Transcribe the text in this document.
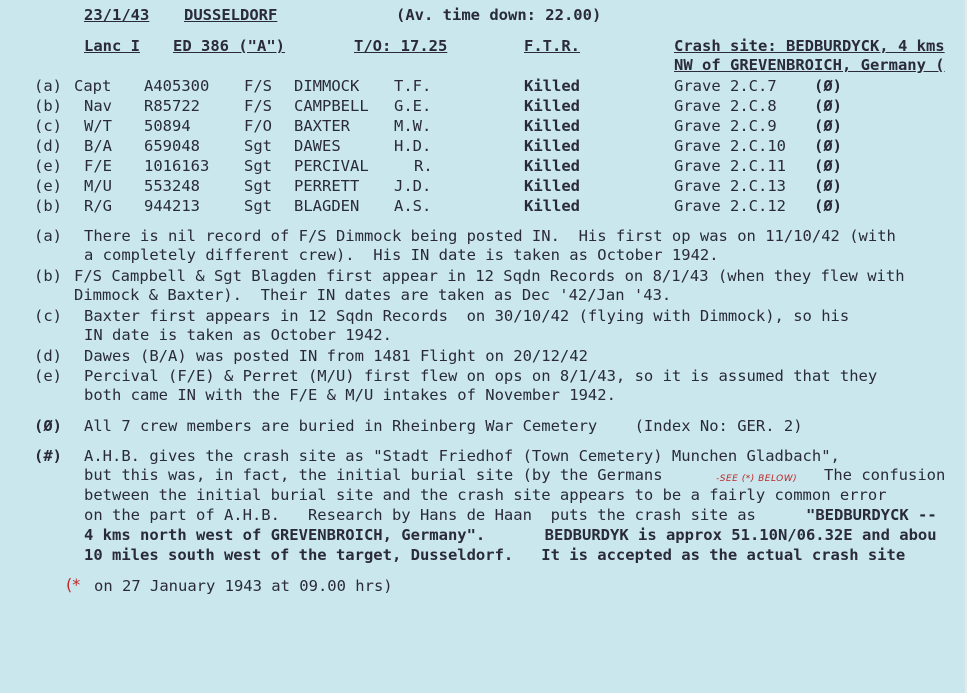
23/1/43 DUSSELDORF	(Av. time down: 22.00)
Lanc I ED 386 ("A")	T/O: 17.25	F.T.R.	Crash site: BEDBURDYCK, 4 kms
NW of GREVENBROICH, Germany (
(a) Capt A405300 F/S DIMMOCK T.F.	Killed	Grave 2.C.7 (Ø)
(b) Nav R85722	F/S CAMPBELL G.E.	Killed	Grave 2.C.8 (Ø)
(c) W/T 50894	F/O BAXTER	M.W.	Killed	Grave 2.C.9 (Ø)
(d) B/A 659048	Sgt DAWES	H.D.	Killed	Grave 2.C.10 (Ø)
(e) F/E 1016163 Sgt PERCIVAL	R.	Killed	Grave 2.C.11 (Ø)
(e) M/U 553248	Sgt PERRETT J.D.	Killed	Grave 2.C.13 (Ø)
(b) R/G 944213	Sgt BLAGDEN A.S.	Killed	Grave 2.C.12 (Ø)
(a) There is nil record of F/S Dimmock being posted IN.  His first op was on 11/10/42 (with
a completely different crew).  His IN date is taken as October 1942.
(b) F/S Campbell & Sgt Blagden first appear in 12 Sqdn Records on 8/1/43 (when they flew with
Dimmock & Baxter).  Their IN dates are taken as Dec '42/Jan '43.
(c) Baxter first appears in 12 Sqdn Records  on 30/10/42 (flying with Dimmock), so his
IN date is taken as October 1942.
(d) Dawes (B/A) was posted IN from 1481 Flight on 20/12/42
(e) Percival (F/E) & Perret (M/U) first flew on ops on 8/1/43, so it is assumed that they
both came IN with the F/E & M/U intakes of November 1942.
(Ø) All 7 crew members are buried in Rheinberg War Cemetery    (Index No: GER. 2)
(#) A.H.B. gives the crash site as "Stadt Friedhof (Town Cemetery) Munchen Gladbach",
but this was, in fact, the initial burial site (by the Germans	-SEE (*) BELOW) The confusion
between the initial burial site and the crash site appears to be a fairly common error
on the part of A.H.B.   Research by Hans de Haan  puts the crash site as	"BEDBURDYCK --
4 kms north west of GREVENBROICH, Germany".	BEDBURDYK is approx 51.10N/06.32E and abou
10 miles south west of the target, Dusseldorf.   It is accepted as the actual crash site
(* on 27 January 1943 at 09.00 hrs)
